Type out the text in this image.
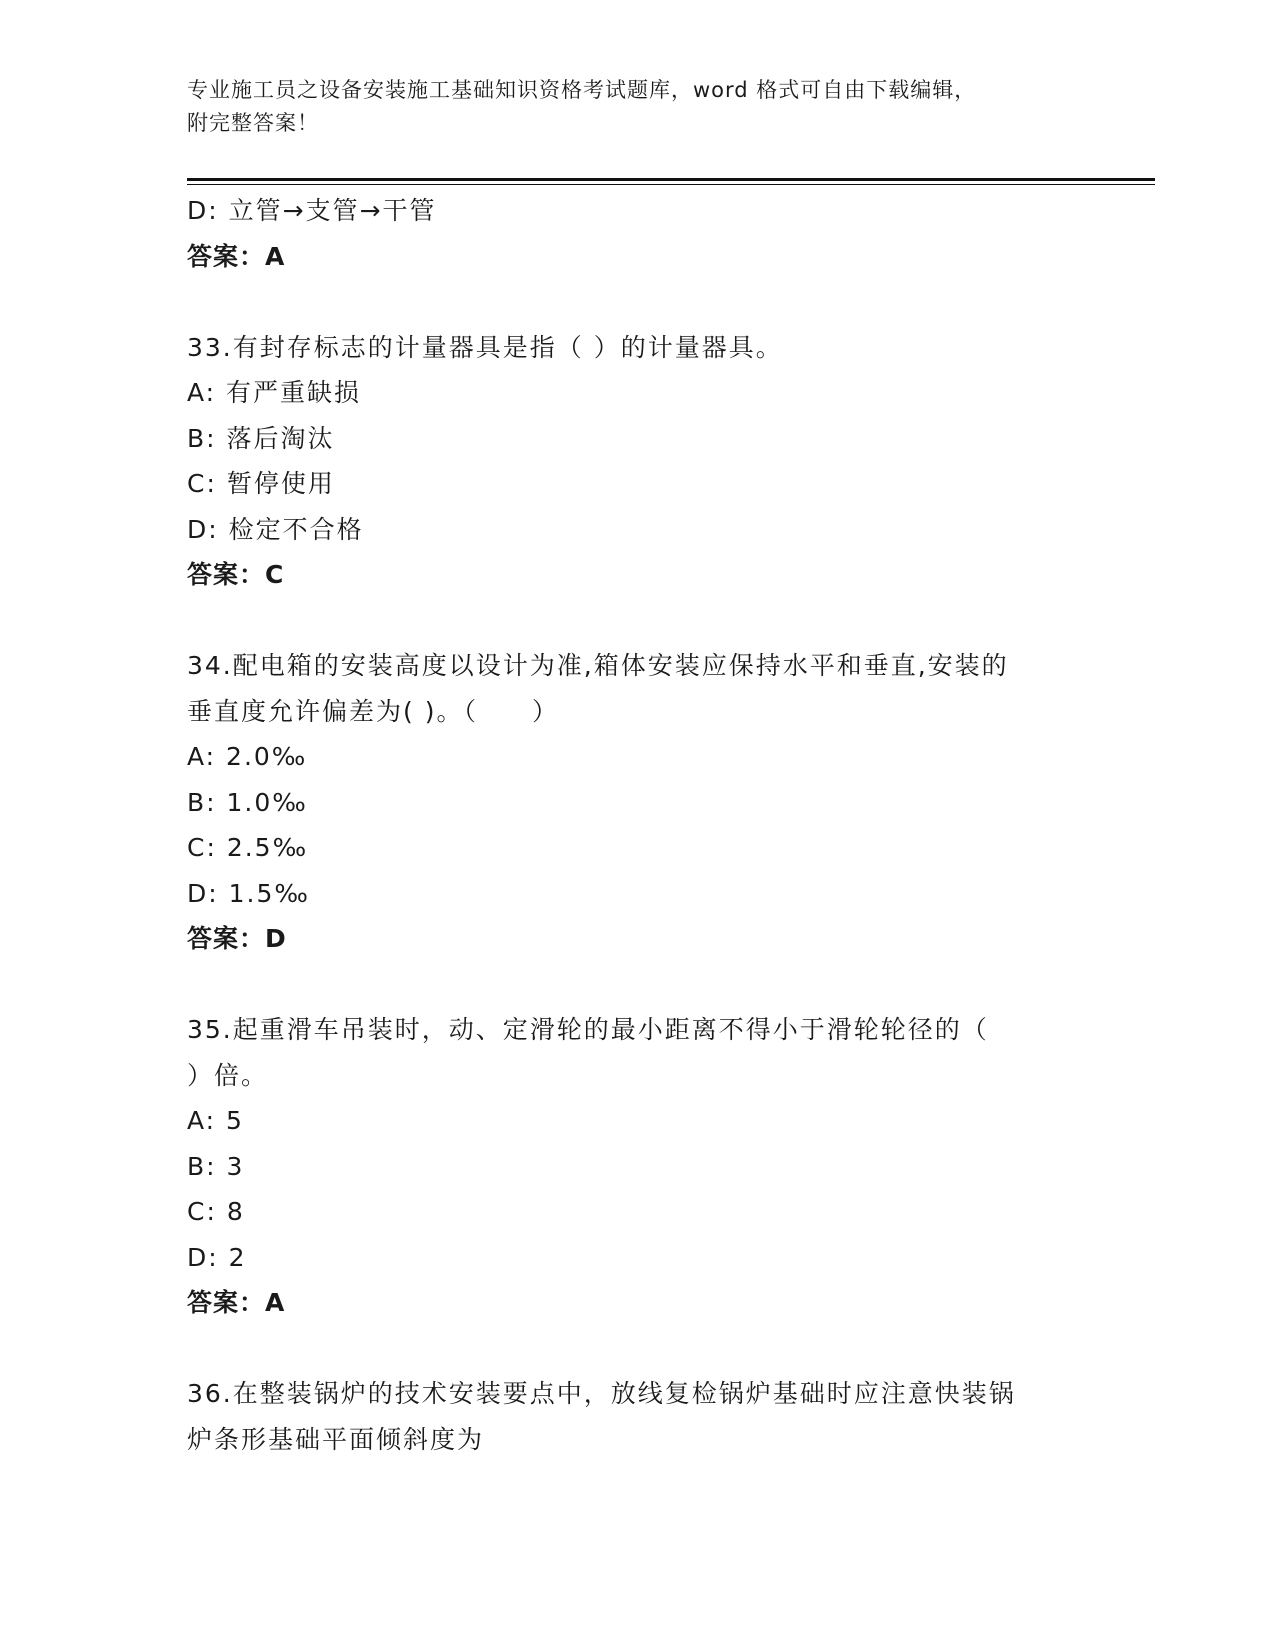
专业施工员之设备安装施工基础知识资格考试题库，word 格式可自由下载编辑，
附完整答案！
D: 立管→支管→干管
答案：A
33.有封存标志的计量器具是指（ ）的计量器具。
A: 有严重缺损
B: 落后淘汰
C: 暂停使用
D: 检定不合格
答案：C
34.配电箱的安装高度以设计为准,箱体安装应保持水平和垂直,安装的
垂直度允许偏差为( )。（　　）
A: 2.0‰
B: 1.0‰
C: 2.5‰
D: 1.5‰
答案：D
35.起重滑车吊装时，动、定滑轮的最小距离不得小于滑轮轮径的（
）倍。
A: 5
B: 3
C: 8
D: 2
答案：A
36.在整装锅炉的技术安装要点中，放线复检锅炉基础时应注意快装锅
炉条形基础平面倾斜度为
